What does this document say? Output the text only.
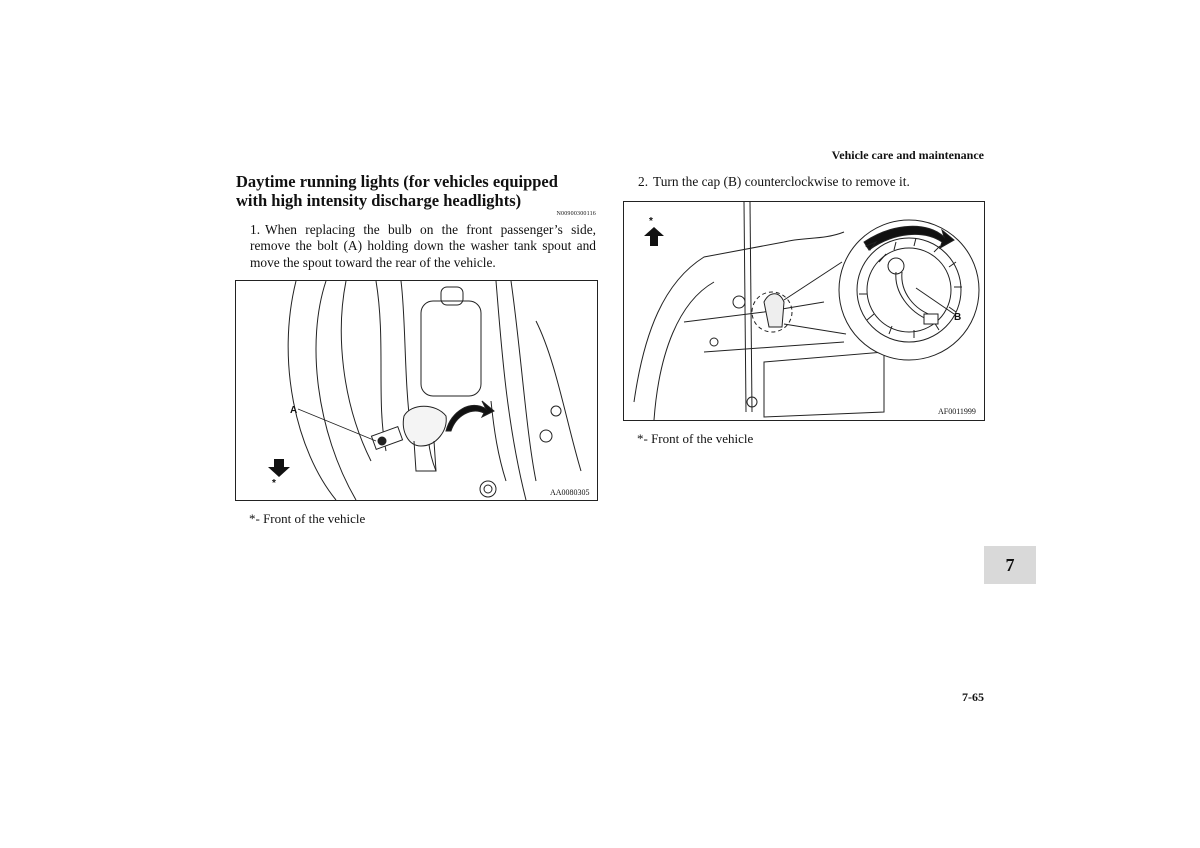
Vehicle care and maintenance
Daytime running lights (for vehicles equipped
with high intensity discharge headlights)
N00900300116
1. When replacing the bulb on the front passenger’s side, remove the bolt (A) holding down the washer tank spout and move the spout toward the rear of the vehicle.
*
A
AA0080305
*- Front of the vehicle
2. Turn the cap (B) counterclockwise to remove it.
*
B
AF0011999
*- Front of the vehicle
7
7-65
